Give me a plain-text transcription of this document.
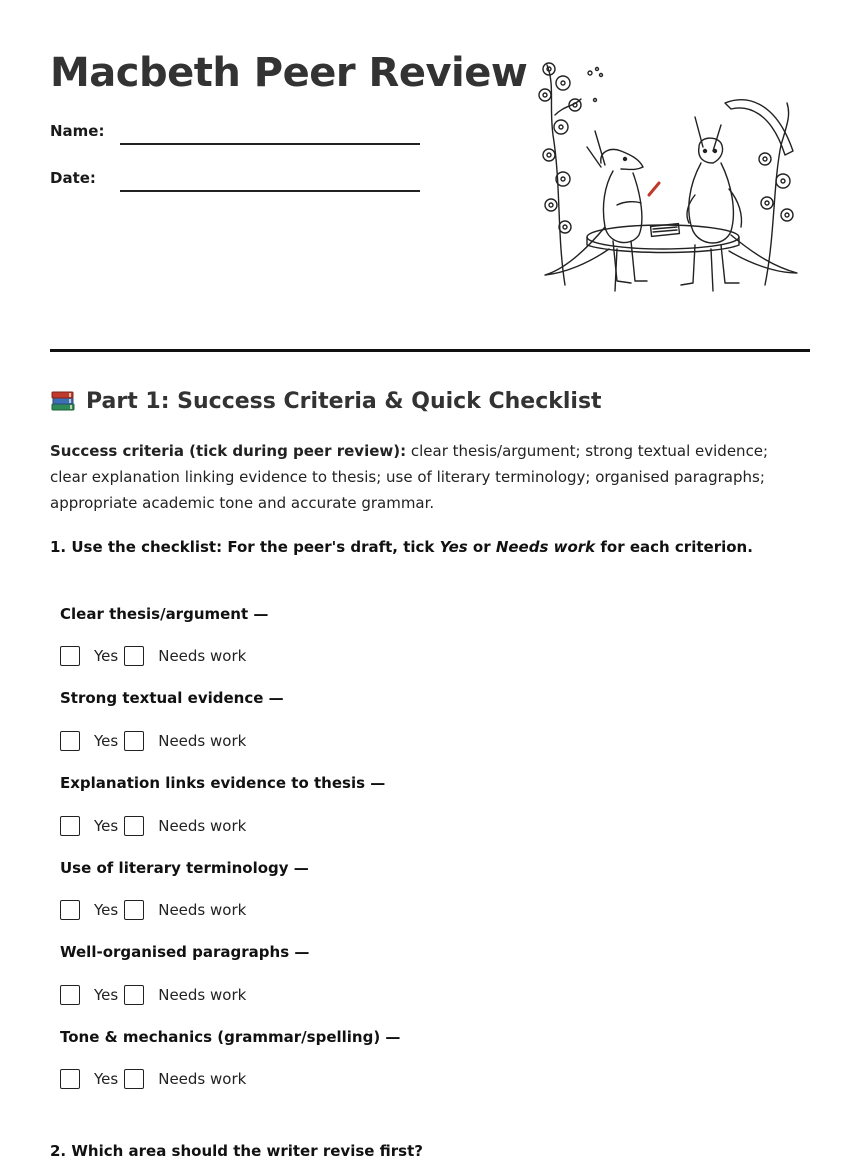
Macbeth Peer Review
Name:
Date:
Part 1: Success Criteria & Quick Checklist
Success criteria (tick during peer review): clear thesis/argument; strong textual evidence; clear explanation linking evidence to thesis; use of literary terminology; organised paragraphs; appropriate academic tone and accurate grammar.
1. Use the checklist: For the peer's draft, tick Yes or Needs work for each criterion.
Clear thesis/argument —
Yes	Needs work
Strong textual evidence —
Yes	Needs work
Explanation links evidence to thesis —
Yes	Needs work
Use of literary terminology —
Yes	Needs work
Well-organised paragraphs —
Yes	Needs work
Tone & mechanics (grammar/spelling) —
Yes	Needs work
2. Which area should the writer revise first?
